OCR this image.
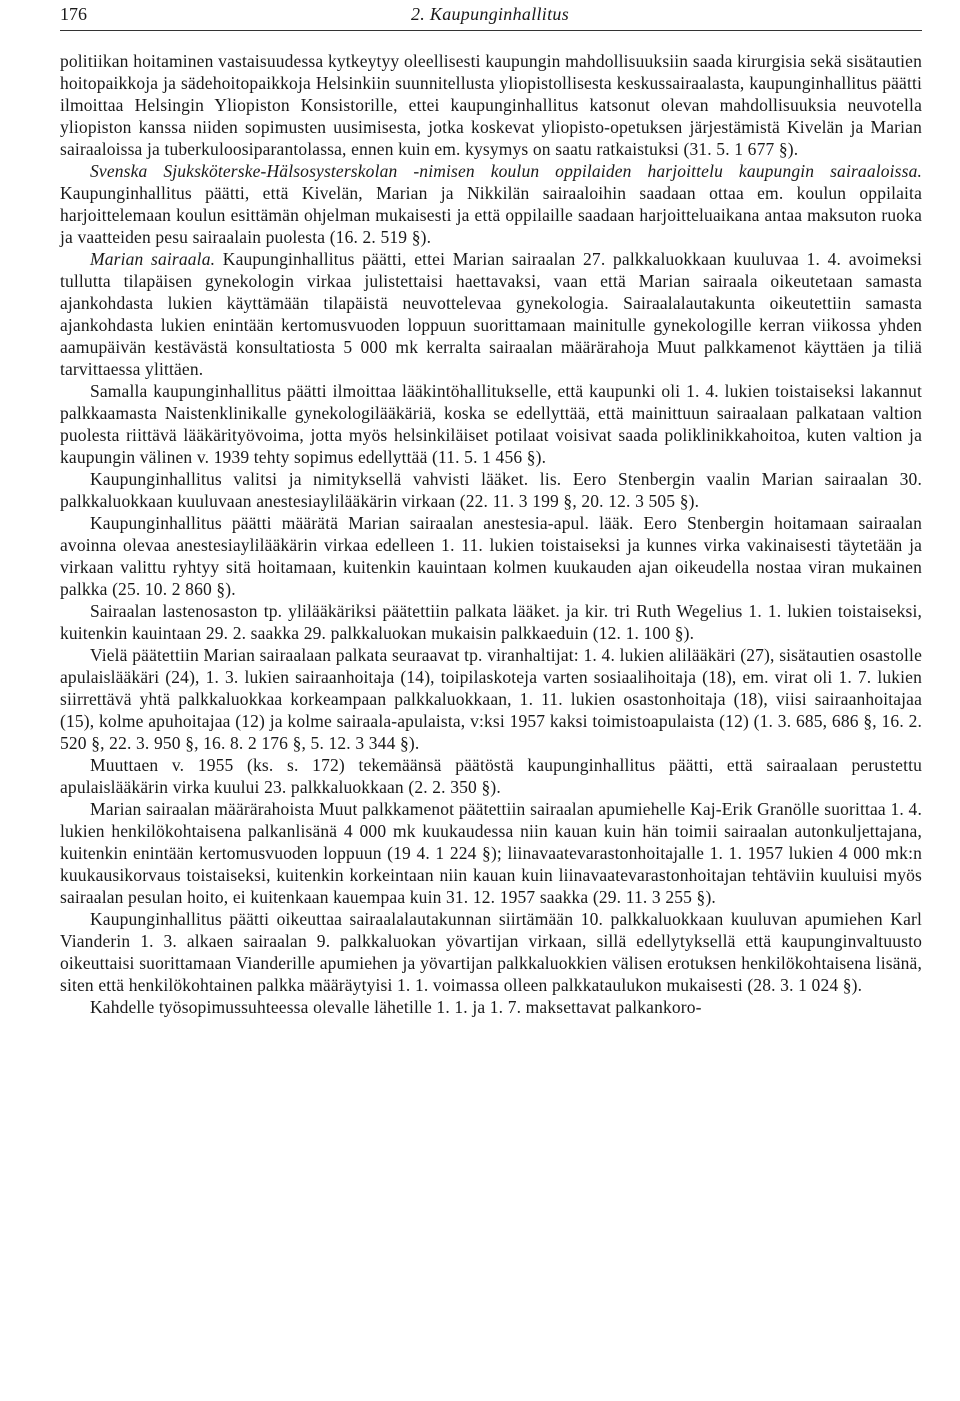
176	2. Kaupunginhallitus

politiikan hoitaminen vastaisuudessa kytkeytyy oleellisesti kaupungin mahdollisuuksiin saada kirurgisia sekä sisätautien hoitopaikkoja ja sädehoitopaikkoja Helsinkiin suunnitellusta yliopistollisesta keskussairaalasta, kaupunginhallitus päätti ilmoittaa Helsingin Yliopiston Konsistorille, ettei kaupunginhallitus katsonut olevan mahdollisuuksia neuvotella yliopiston kanssa niiden sopimusten uusimisesta, jotka koskevat yliopisto-opetuksen järjestämistä Kivelän ja Marian sairaaloissa ja tuberkuloosiparantolassa, ennen kuin em. kysymys on saatu ratkaistuksi (31. 5. 1 677 §).

Svenska Sjuksköterske-Hälsosysterskolan -nimisen koulun oppilaiden harjoittelu kaupungin sairaaloissa. Kaupunginhallitus päätti, että Kivelän, Marian ja Nikkilän sairaaloihin saadaan ottaa em. koulun oppilaita harjoittelemaan koulun esittämän ohjelman mukaisesti ja että oppilaille saadaan harjoitteluaikana antaa maksuton ruoka ja vaatteiden pesu sairaalain puolesta (16. 2. 519 §).

Marian sairaala. Kaupunginhallitus päätti, ettei Marian sairaalan 27. palkkaluokkaan kuuluvaa 1. 4. avoimeksi tullutta tilapäisen gynekologin virkaa julistettaisi haettavaksi, vaan että Marian sairaala oikeutetaan samasta ajankohdasta lukien käyttämään tilapäistä neuvottelevaa gynekologia. Sairaalalautakunta oikeutettiin samasta ajankohdasta lukien enintään kertomusvuoden loppuun suorittamaan mainitulle gynekologille kerran viikossa yhden aamupäivän kestävästä konsultatiosta 5 000 mk kerralta sairaalan määrärahoja Muut palkkamenot käyttäen ja tiliä tarvittaessa ylittäen.

Samalla kaupunginhallitus päätti ilmoittaa lääkintöhallitukselle, että kaupunki oli 1. 4. lukien toistaiseksi lakannut palkkaamasta Naistenklinikalle gynekologilääkäriä, koska se edellyttää, että mainittuun sairaalaan palkataan valtion puolesta riittävä lääkärityövoima, jotta myös helsinkiläiset potilaat voisivat saada poliklinikkahoitoa, kuten valtion ja kaupungin välinen v. 1939 tehty sopimus edellyttää (11. 5. 1 456 §).

Kaupunginhallitus valitsi ja nimityksellä vahvisti lääket. lis. Eero Stenbergin vaalin Marian sairaalan 30. palkkaluokkaan kuuluvaan anestesiaylilääkärin virkaan (22. 11. 3 199 §, 20. 12. 3 505 §).

Kaupunginhallitus päätti määrätä Marian sairaalan anestesia-apul. lääk. Eero Stenbergin hoitamaan sairaalan avoinna olevaa anestesiaylilääkärin virkaa edelleen 1. 11. lukien toistaiseksi ja kunnes virka vakinaisesti täytetään ja virkaan valittu ryhtyy sitä hoitamaan, kuitenkin kauintaan kolmen kuukauden ajan oikeudella nostaa viran mukainen palkka (25. 10. 2 860 §).

Sairaalan lastenosaston tp. ylilääkäriksi päätettiin palkata lääket. ja kir. tri Ruth Wegelius 1. 1. lukien toistaiseksi, kuitenkin kauintaan 29. 2. saakka 29. palkkaluokan mukaisin palkkaeduin (12. 1. 100 §).

Vielä päätettiin Marian sairaalaan palkata seuraavat tp. viranhaltijat: 1. 4. lukien alilääkäri (27), sisätautien osastolle apulaislääkäri (24), 1. 3. lukien sairaanhoitaja (14), toipilaskotеja varten sosiaalihoitaja (18), em. virat oli 1. 7. lukien siirrettävä yhtä palkkaluokkaa korkeampaan palkkaluokkaan, 1. 11. lukien osastonhoitaja (18), viisi sairaanhoitajaa (15), kolme apuhoitajaa (12) ja kolme sairaala-apulaista, v:ksi 1957 kaksi toimistoapulaista (12) (1. 3. 685, 686 §, 16. 2. 520 §, 22. 3. 950 §, 16. 8. 2 176 §, 5. 12. 3 344 §).

Muuttaen v. 1955 (ks. s. 172) tekemäänsä päätöstä kaupunginhallitus päätti, että sairaalaan perustettu apulaislääkärin virka kuului 23. palkkaluokkaan (2. 2. 350 §).

Marian sairaalan määrärahoista Muut palkkamenot päätettiin sairaalan apumiehelle Kaj-Erik Granölle suorittaa 1. 4. lukien henkilökohtaisena palkanlisänä 4 000 mk kuukaudessa niin kauan kuin hän toimii sairaalan autonkuljettajana, kuitenkin enintään kertomusvuoden loppuun (19 4. 1 224 §); liinavaatevarastonhoitajalle 1. 1. 1957 lukien 4 000 mk:n kuukausikorvaus toistaiseksi, kuitenkin korkeintaan niin kauan kuin liinavaatevarastonhoitajan tehtäviin kuuluisi myös sairaalan pesulan hoito, ei kuitenkaan kauempaa kuin 31. 12. 1957 saakka (29. 11. 3 255 §).

Kaupunginhallitus päätti oikeuttaa sairaalalautakunnan siirtämään 10. palkkaluokkaan kuuluvan apumiehen Karl Vianderin 1. 3. alkaen sairaalan 9. palkkaluokan yövartijan virkaan, sillä edellytyksellä että kaupunginvaltuusto oikeuttaisi suorittamaan Vianderille apumiehen ja yövartijan palkkaluokkien välisen erotuksen henkilökohtaisena lisänä, siten että henkilökohtainen palkka määräytyisi 1. 1. voimassa olleen palkkataulukon mukaisesti (28. 3. 1 024 §).

Kahdelle työsopimussuhteessa olevalle lähetille 1. 1. ja 1. 7. maksettavat palkankoro-
